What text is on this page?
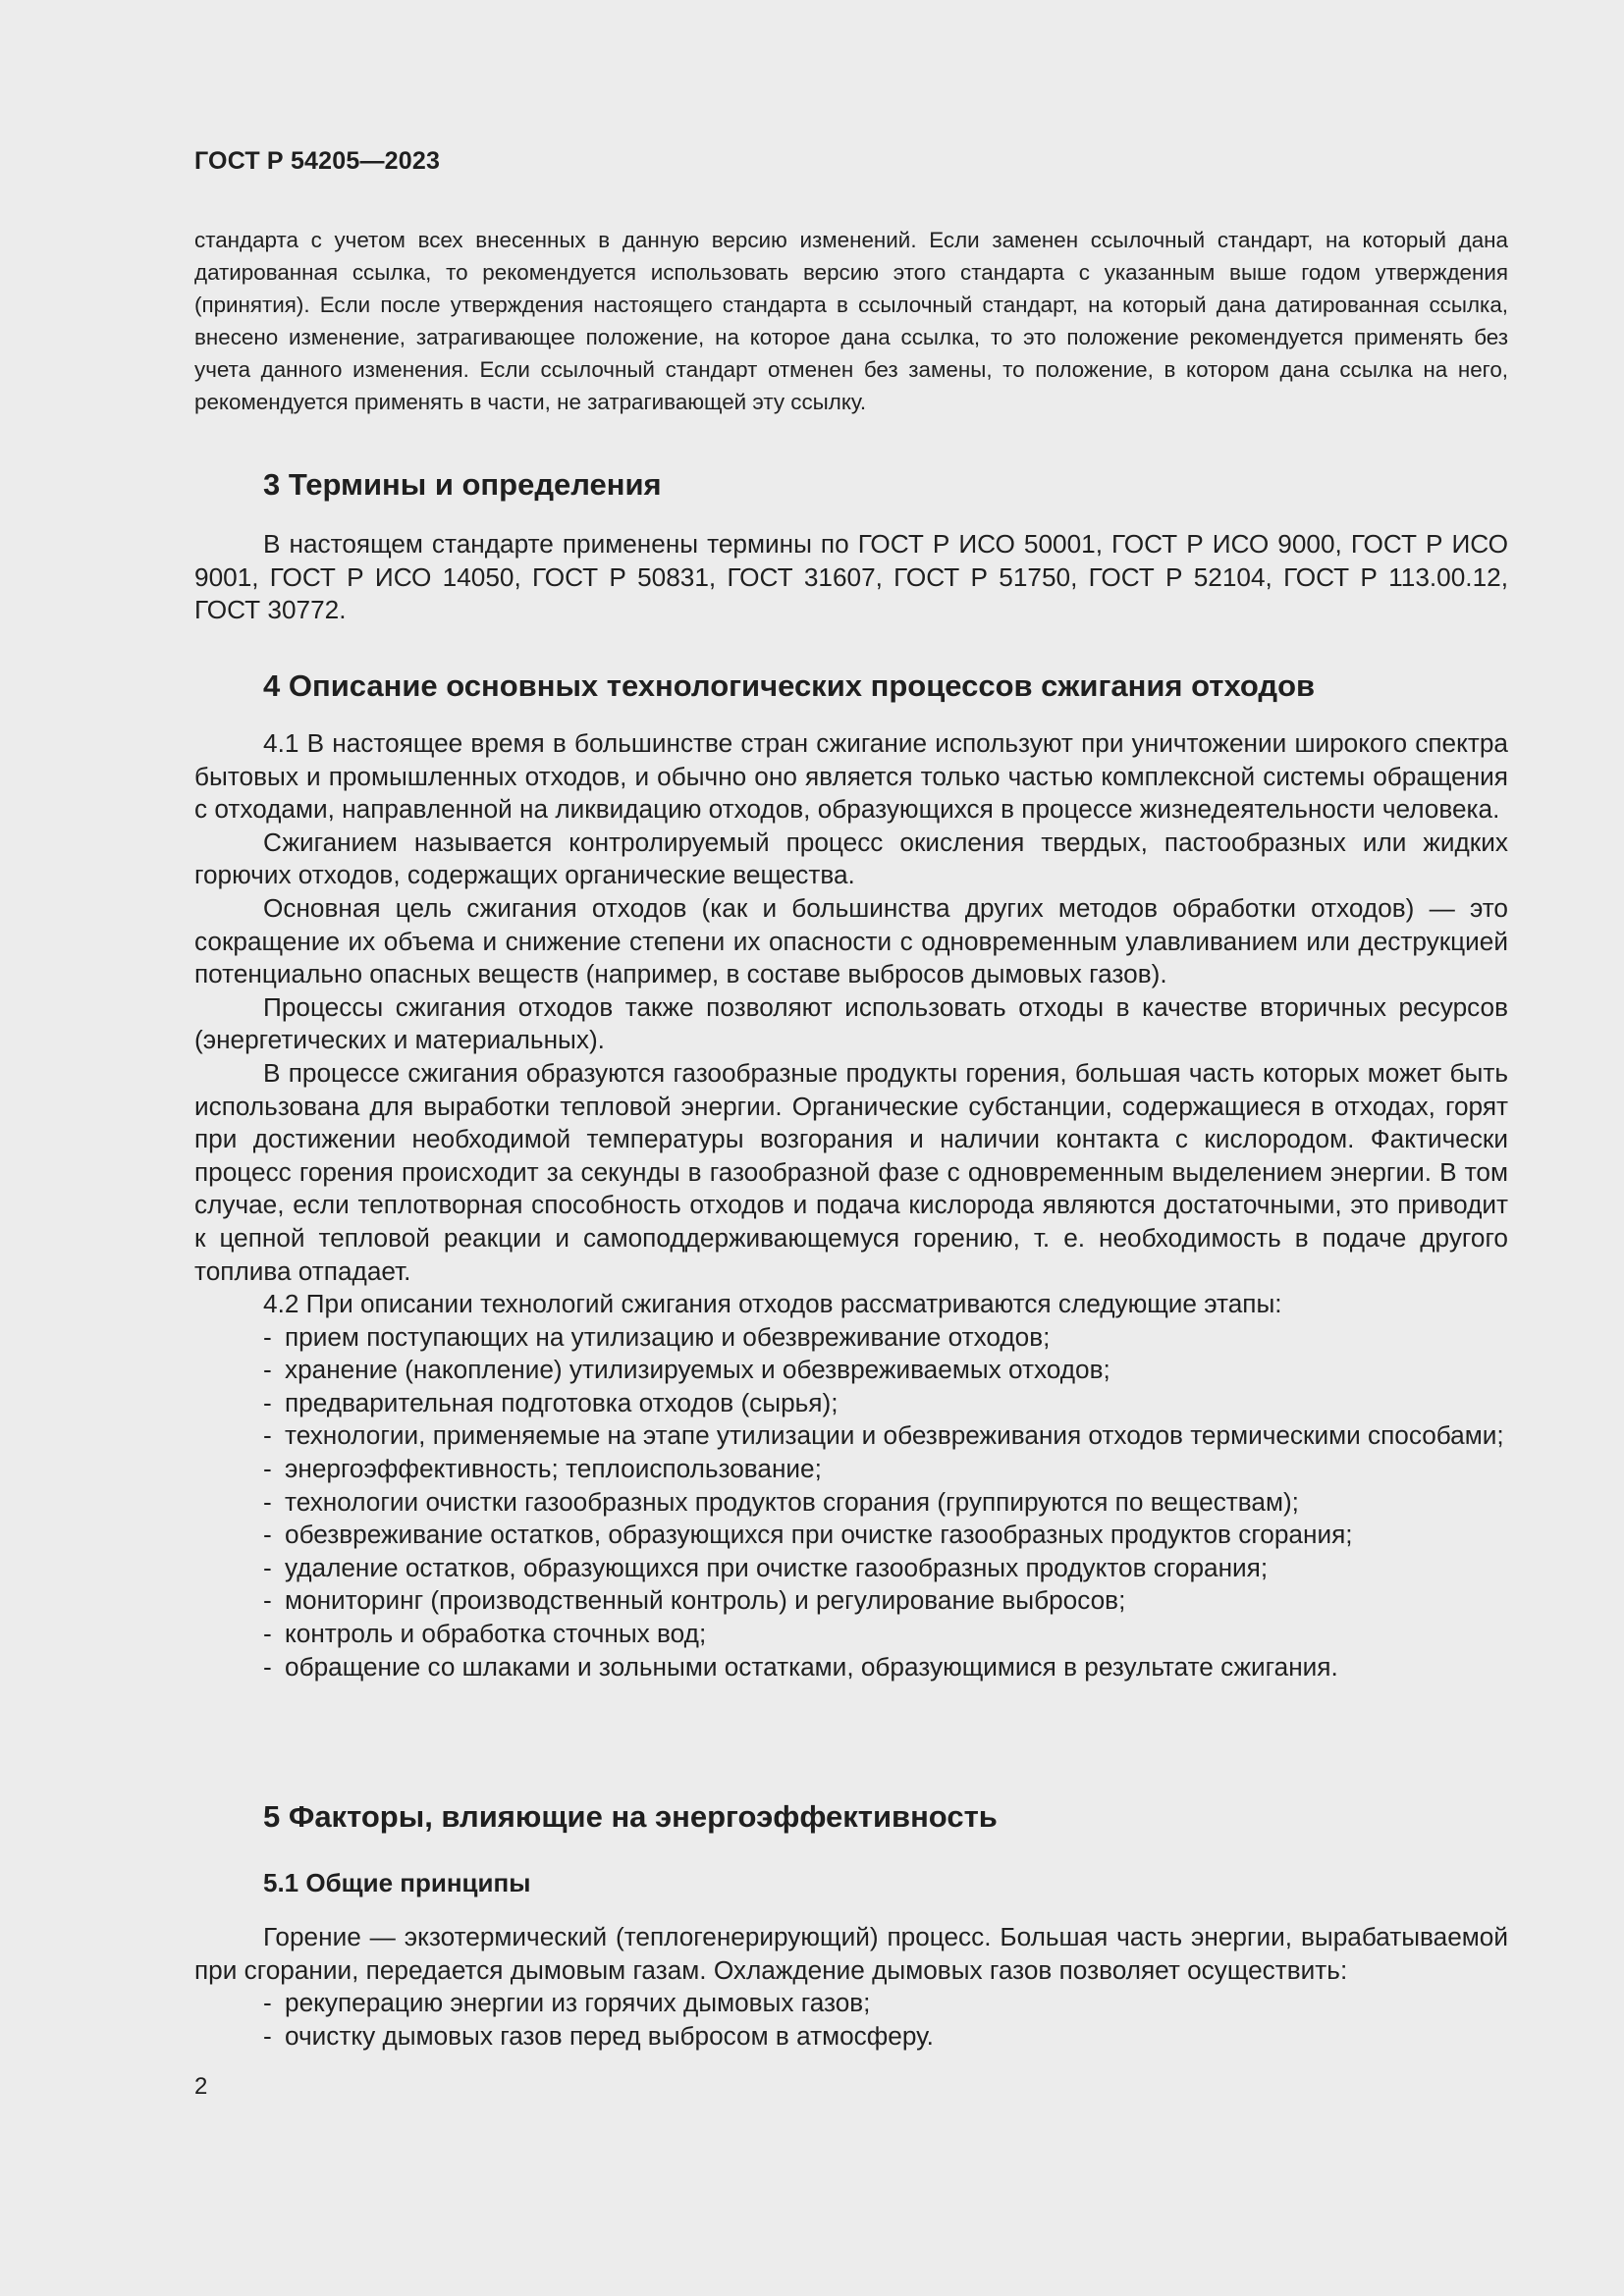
ГОСТ Р 54205—2023

стандарта с учетом всех внесенных в данную версию изменений. Если заменен ссылочный стандарт, на который дана датированная ссылка, то рекомендуется использовать версию этого стандарта с указанным выше годом утверждения (принятия). Если после утверждения настоящего стандарта в ссылочный стандарт, на который дана датированная ссылка, внесено изменение, затрагивающее положение, на которое дана ссылка, то это положение рекомендуется применять без учета данного изменения. Если ссылочный стандарт отменен без замены, то положение, в котором дана ссылка на него, рекомендуется применять в части, не затрагивающей эту ссылку.

3 Термины и определения

В настоящем стандарте применены термины по ГОСТ Р ИСО 50001, ГОСТ Р ИСО 9000, ГОСТ Р ИСО 9001, ГОСТ Р ИСО 14050, ГОСТ Р 50831, ГОСТ 31607, ГОСТ Р 51750, ГОСТ Р 52104, ГОСТ Р 113.00.12, ГОСТ 30772.

4 Описание основных технологических процессов сжигания отходов

4.1 В настоящее время в большинстве стран сжигание используют при уничтожении широкого спектра бытовых и промышленных отходов, и обычно оно является только частью комплексной системы обращения с отходами, направленной на ликвидацию отходов, образующихся в процессе жизнедеятельности человека.

Сжиганием называется контролируемый процесс окисления твердых, пастообразных или жидких горючих отходов, содержащих органические вещества.

Основная цель сжигания отходов (как и большинства других методов обработки отходов) — это сокращение их объема и снижение степени их опасности с одновременным улавливанием или деструкцией потенциально опасных веществ (например, в составе выбросов дымовых газов).

Процессы сжигания отходов также позволяют использовать отходы в качестве вторичных ресурсов (энергетических и материальных).

В процессе сжигания образуются газообразные продукты горения, большая часть которых может быть использована для выработки тепловой энергии. Органические субстанции, содержащиеся в отходах, горят при достижении необходимой температуры возгорания и наличии контакта с кислородом. Фактически процесс горения происходит за секунды в газообразной фазе с одновременным выделением энергии. В том случае, если теплотворная способность отходов и подача кислорода являются достаточными, это приводит к цепной тепловой реакции и самоподдерживающемуся горению, т. е. необходимость в подаче другого топлива отпадает.

4.2 При описании технологий сжигания отходов рассматриваются следующие этапы:

- прием поступающих на утилизацию и обезвреживание отходов;
- хранение (накопление) утилизируемых и обезвреживаемых отходов;
- предварительная подготовка отходов (сырья);
- технологии, применяемые на этапе утилизации и обезвреживания отходов термическими способами;
- энергоэффективность; теплоиспользование;
- технологии очистки газообразных продуктов сгорания (группируются по веществам);
- обезвреживание остатков, образующихся при очистке газообразных продуктов сгорания;
- удаление остатков, образующихся при очистке газообразных продуктов сгорания;
- мониторинг (производственный контроль) и регулирование выбросов;
- контроль и обработка сточных вод;
- обращение со шлаками и зольными остатками, образующимися в результате сжигания.
5 Факторы, влияющие на энергоэффективность
5.1 Общие принципы

Горение — экзотермический (теплогенерирующий) процесс. Большая часть энергии, вырабатываемой при сгорании, передается дымовым газам. Охлаждение дымовых газов позволяет осуществить:

- рекуперацию энергии из горячих дымовых газов;
- очистку дымовых газов перед выбросом в атмосферу.
2
